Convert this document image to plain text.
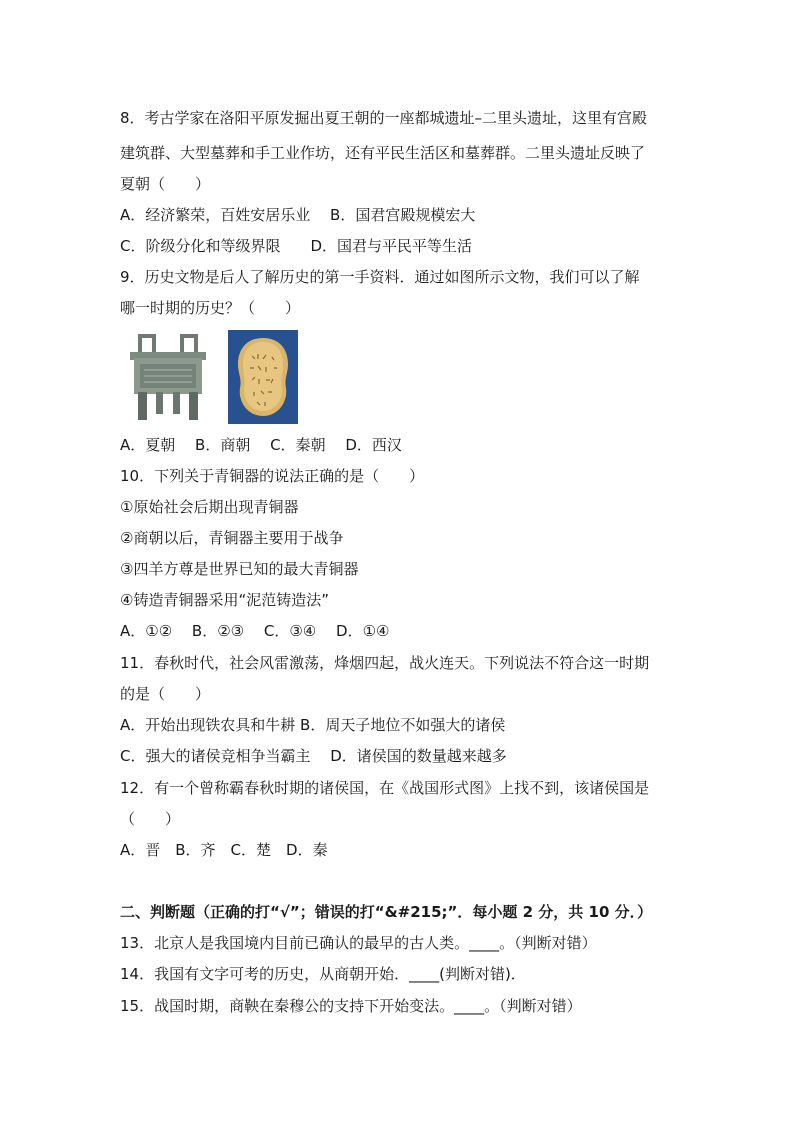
8．考古学家在洛阳平原发掘出夏王朝的一座都城遗址–二里头遗址，这里有宫殿
建筑群、大型墓葬和手工业作坊，还有平民生活区和墓葬群。二里头遗址反映了
夏朝（　　）
A．经济繁荣，百姓安居乐业　 B．国君宫殿规模宏大
C．阶级分化和等级界限　　D．国君与平民平等生活
9．历史文物是后人了解历史的第一手资料．通过如图所示文物，我们可以了解
哪一时期的历史？（　　）
A．夏朝　 B．商朝　 C．秦朝　 D．西汉
10．下列关于青铜器的说法正确的是（　　）
①原始社会后期出现青铜器
②商朝以后，青铜器主要用于战争
③四羊方尊是世界已知的最大青铜器
④铸造青铜器采用“泥范铸造法”
A．①②　 B．②③　 C．③④　 D．①④
11．春秋时代，社会风雷激荡，烽烟四起，战火连天。下列说法不符合这一时期
的是（　　）
A．开始出现铁农具和牛耕 B．周天子地位不如强大的诸侯
C．强大的诸侯竞相争当霸主　 D．诸侯国的数量越来越多
12．有一个曾称霸春秋时期的诸侯国，在《战国形式图》上找不到，该诸侯国是
（　　）
A．晋　B．齐　C．楚　D．秦
二、判断题（正确的打“√”；错误的打“&#215;”．每小题 2 分，共 10 分．）
13．北京人是我国境内目前已确认的最早的古人类。____。（判断对错）
14．我国有文字可考的历史，从商朝开始．____(判断对错)．
15．战国时期，商鞅在秦穆公的支持下开始变法。____。（判断对错）
